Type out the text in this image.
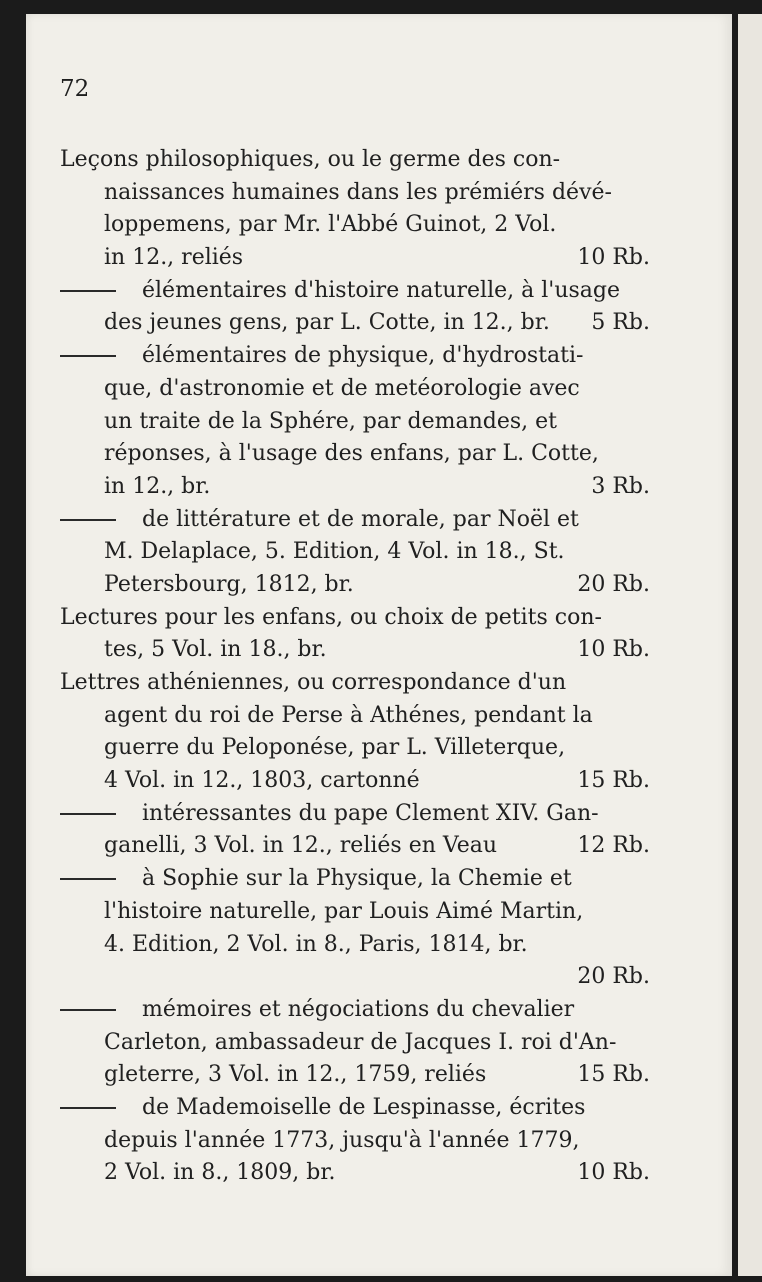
72
Leçons philosophiques, ou le germe des con-
naissances humaines dans les prémiérs dévé-
loppemens, par Mr. l'Abbé Guinot, 2 Vol.
in 12., reliés	10 Rb.
élémentaires d'histoire naturelle, à l'usage
des jeunes gens, par L. Cotte, in 12., br. 5 Rb.
élémentaires de physique, d'hydrostati-
que, d'astronomie et de metéorologie avec
un traite de la Sphére, par demandes, et
réponses, à l'usage des enfans, par L. Cotte,
in 12., br.	3 Rb.
de littérature et de morale, par Noël et
M. Delaplace, 5. Edition, 4 Vol. in 18., St.
Petersbourg, 1812, br.	20 Rb.
Lectures pour les enfans, ou choix de petits con-
tes, 5 Vol. in 18., br.	10 Rb.
Lettres athéniennes, ou correspondance d'un
agent du roi de Perse à Athénes, pendant la
guerre du Peloponése, par L. Villeterque,
4 Vol. in 12., 1803, cartonné	15 Rb.
intéressantes du pape Clement XIV. Gan-
ganelli, 3 Vol. in 12., reliés en Veau	12 Rb.
à Sophie sur la Physique, la Chemie et
l'histoire naturelle, par Louis Aimé Martin,
4. Edition, 2 Vol. in 8., Paris, 1814, br.
20 Rb.
mémoires et négociations du chevalier
Carleton, ambassadeur de Jacques I. roi d'An-
gleterre, 3 Vol. in 12., 1759, reliés	15 Rb.
de Mademoiselle de Lespinasse, écrites
depuis l'année 1773, jusqu'à l'année 1779,
2 Vol. in 8., 1809, br.	10 Rb.
